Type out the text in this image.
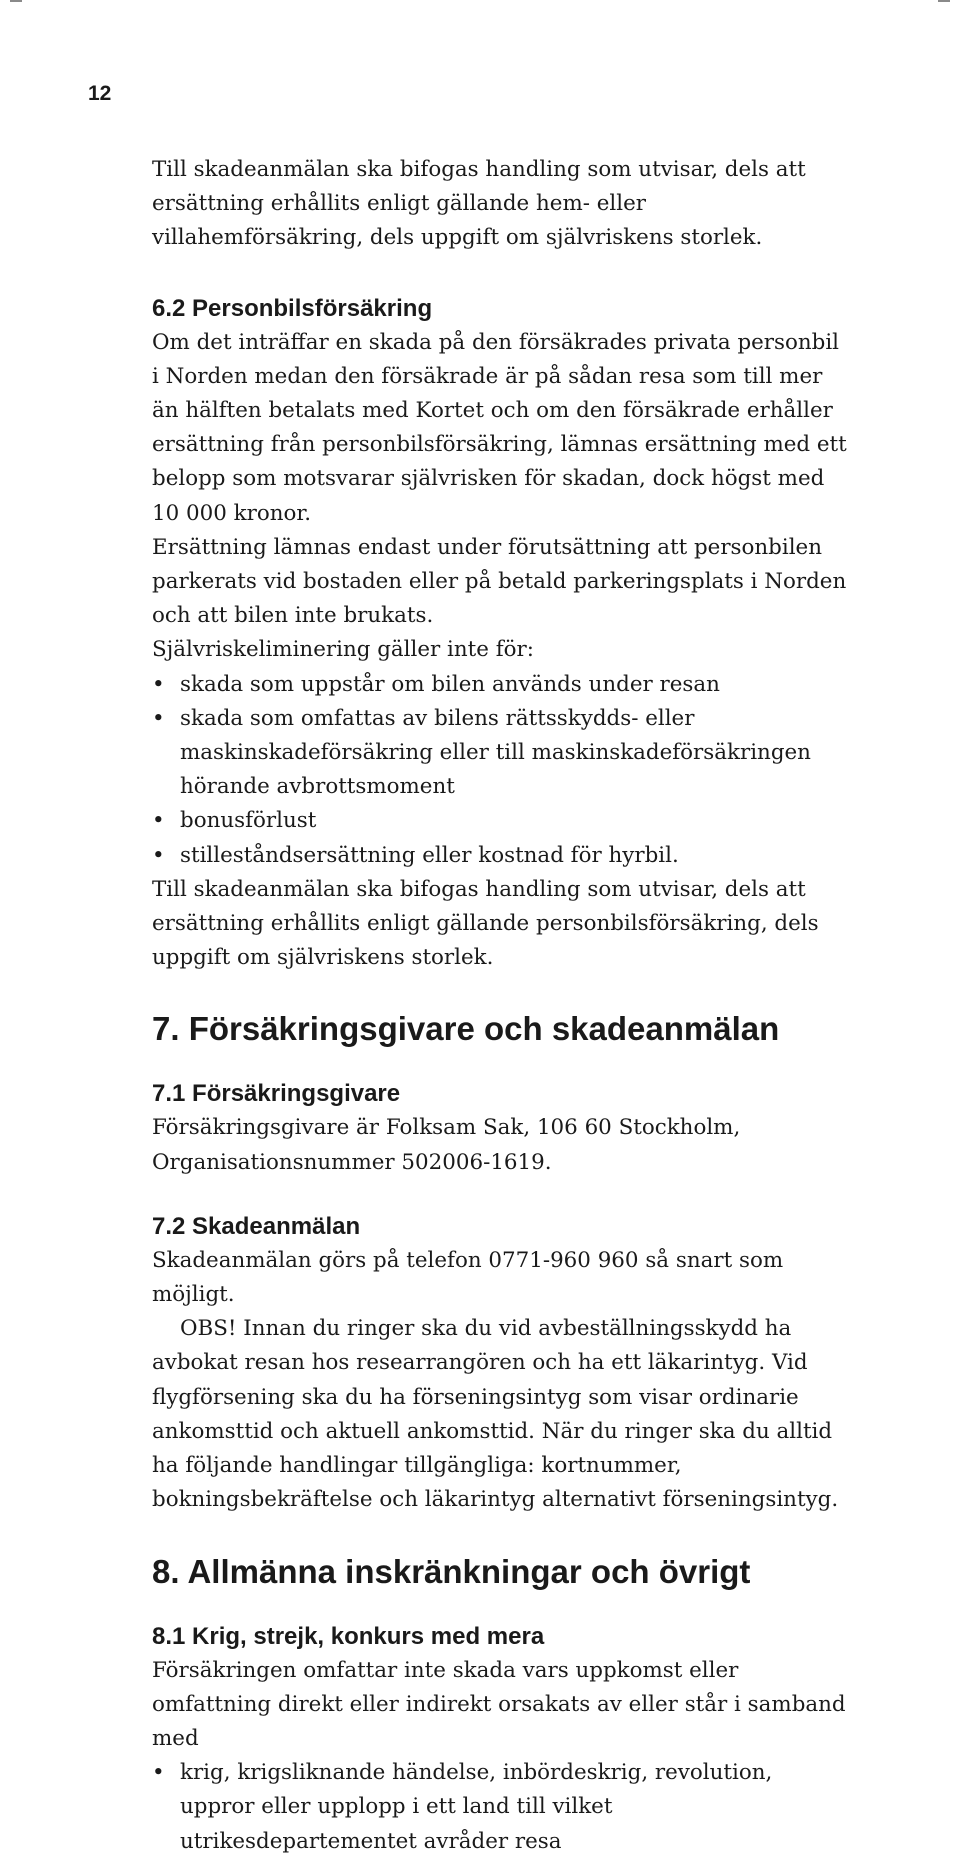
12

Till skadeanmälan ska bifogas handling som utvisar, dels att ersättning erhållits enligt gällande hem- eller villahemförsäkring, dels uppgift om självriskens storlek.

6.2 Personbilsförsäkring

Om det inträffar en skada på den försäkrades privata personbil i Norden medan den försäkrade är på sådan resa som till mer än hälften betalats med Kortet och om den försäkrade erhåller ersättning från personbilsförsäkring, lämnas ersättning med ett belopp som motsvarar självrisken för skadan, dock högst med 10 000 kronor.

Ersättning lämnas endast under förutsättning att personbilen parkerats vid bostaden eller på betald parkeringsplats i Norden och att bilen inte brukats.

Självriskeliminering gäller inte för:

• skada som uppstår om bilen används under resan
• skada som omfattas av bilens rättsskydds- eller maskinskadeförsäkring eller till maskinskadeförsäkringen hörande avbrottsmoment
• bonusförlust
• stilleståndsersättning eller kostnad för hyrbil.

Till skadeanmälan ska bifogas handling som utvisar, dels att ersättning erhållits enligt gällande personbilsförsäkring, dels uppgift om självriskens storlek.

7. Försäkringsgivare och skadeanmälan

7.1 Försäkringsgivare

Försäkringsgivare är Folksam Sak, 106 60 Stockholm, Organisationsnummer 502006-1619.

7.2 Skadeanmälan

Skadeanmälan görs på telefon 0771-960 960 så snart som möjligt.

OBS! Innan du ringer ska du vid avbeställningsskydd ha avbokat resan hos researrangören och ha ett läkarintyg. Vid flygförsening ska du ha förseningsintyg som visar ordinarie ankomsttid och aktuell ankomsttid. När du ringer ska du alltid ha följande handlingar tillgängliga: kortnummer, bokningsbekräftelse och läkarintyg alternativt förseningsintyg.

8. Allmänna inskränkningar och övrigt

8.1 Krig, strejk, konkurs med mera

Försäkringen omfattar inte skada vars uppkomst eller omfattning direkt eller indirekt orsakats av eller står i samband med

• krig, krigsliknande händelse, inbördeskrig, revolution, uppror eller upplopp i ett land till vilket utrikesdepartementet avråder resa
